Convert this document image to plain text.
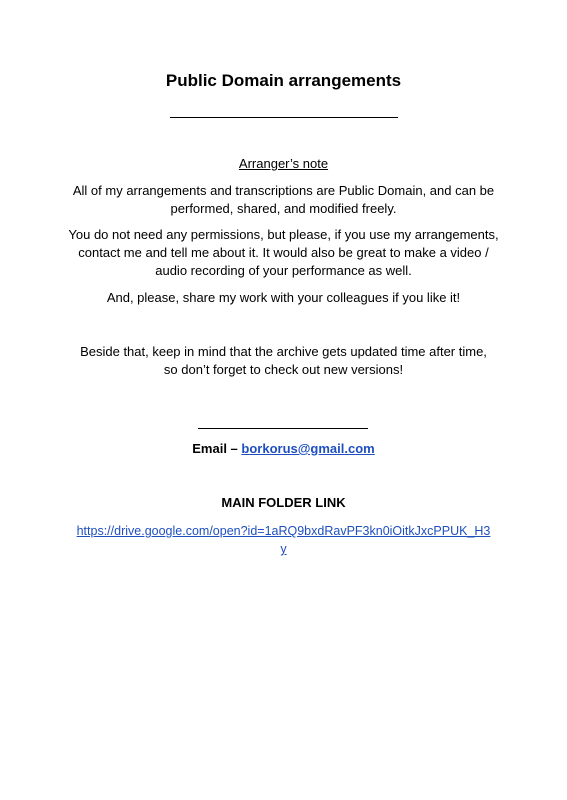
Public Domain arrangements
Arranger’s note
All of my arrangements and transcriptions are Public Domain, and can be
performed, shared, and modified freely.
You do not need any permissions, but please, if you use my arrangements,
contact me and tell me about it. It would also be great to make a video /
audio recording of your performance as well.
And, please, share my work with your colleagues if you like it!
Beside that, keep in mind that the archive gets updated time after time,
so don’t forget to check out new versions!
Email – borkorus@gmail.com
MAIN FOLDER LINK
https://drive.google.com/open?id=1aRQ9bxdRavPF3kn0iOitkJxcPPUK_H3
y
